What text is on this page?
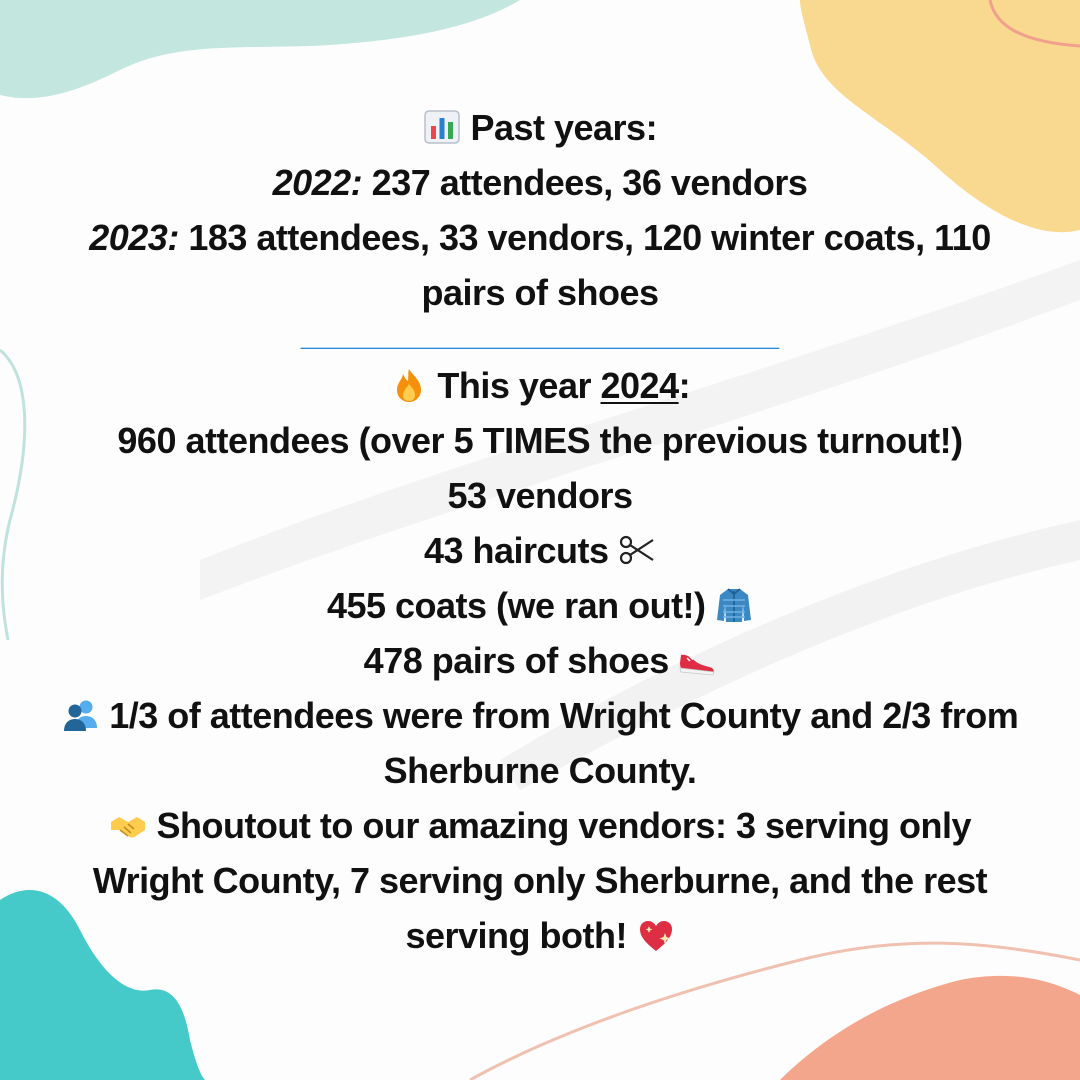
Past years:

2022: 237 attendees, 36 vendors

2023: 183 attendees, 33 vendors, 120 winter coats, 110 pairs of shoes

___________________________________________

This year 2024:

960 attendees (over 5 TIMES the previous turnout!)

53 vendors

43 haircuts

455 coats (we ran out!)

478 pairs of shoes

1/3 of attendees were from Wright County and 2/3 from Sherburne County.

Shoutout to our amazing vendors: 3 serving only Wright County, 7 serving only Sherburne, and the rest serving both!
